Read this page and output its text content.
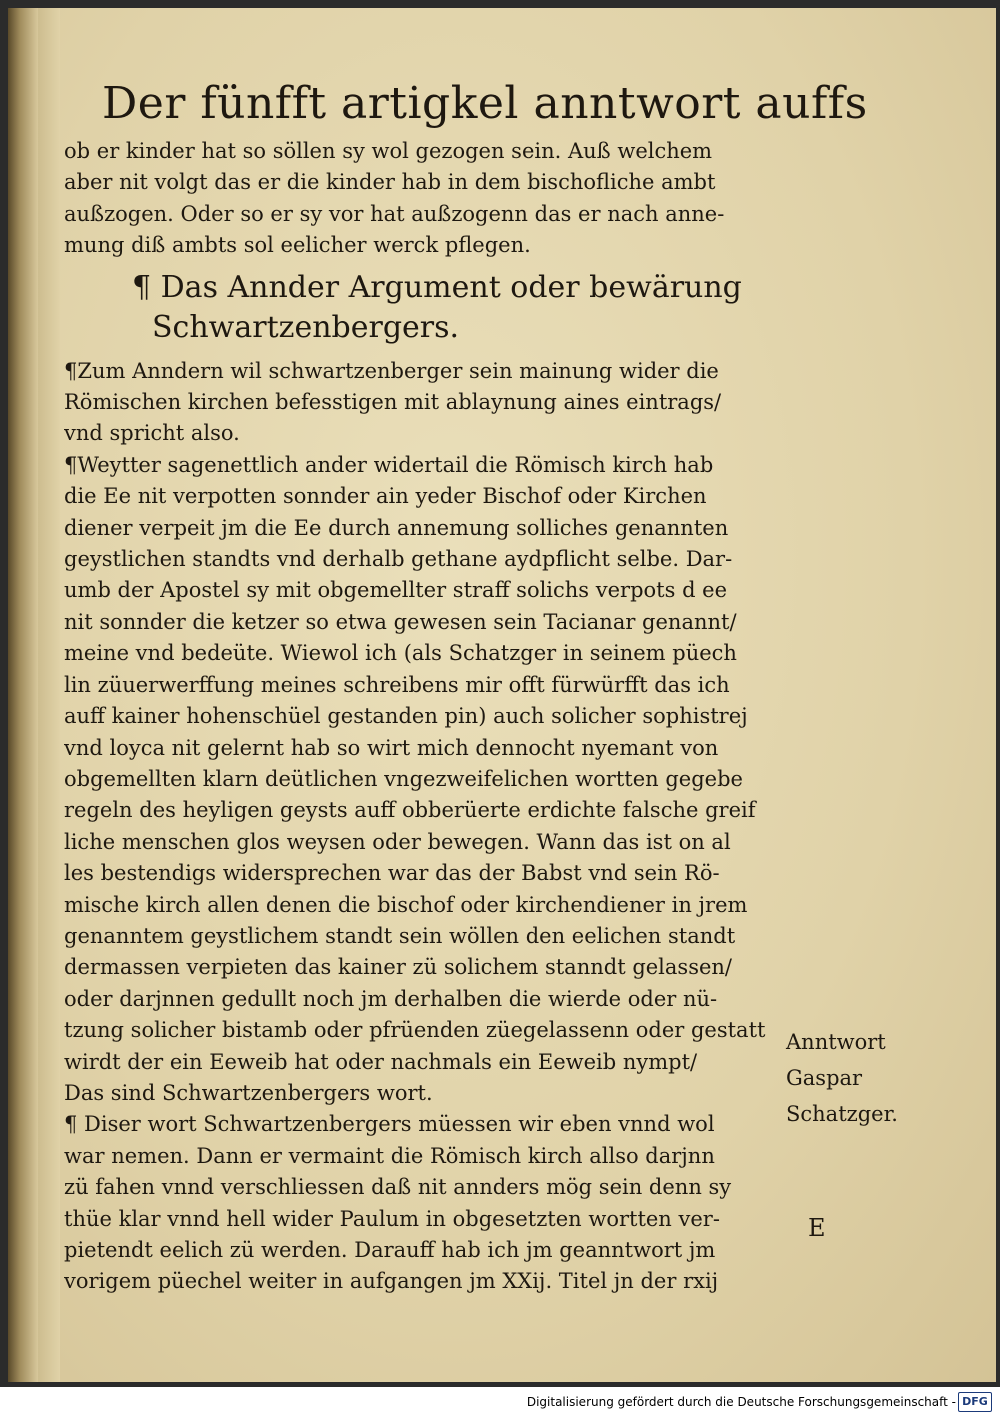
Der fünfft artigkel anntwort auffs
ob er kinder hat so söllen sy wol gezogen sein. Auß welchem
aber nit volgt das er die kinder hab in dem bischofliche ambt
außzogen. Oder so er sy vor hat außzogenn das er nach anne-
mung diß ambts sol eelicher werck pflegen.
¶ Das Annder Argument oder bewärung
Schwartzenbergers.
¶Zum Anndern wil schwartzenberger sein mainung wider die
Römischen kirchen befesstigen mit ablaynung aines eintrags/
vnd spricht also.
¶Weytter sagenettlich ander widertail die Römisch kirch hab
die Ee nit verpotten sonnder ain yeder Bischof oder Kirchen
diener verpeit jm die Ee durch annemung solliches genannten
geystlichen standts vnd derhalb gethane aydpflicht selbe. Dar-
umb der Apostel sy mit obgemellter straff solichs verpots d ee
nit sonnder die ketzer so etwa gewesen sein Tacianar genannt/
meine vnd bedeüte. Wiewol ich (als Schatzger in seinem püech
lin züuerwerffung meines schreibens mir offt fürwürfft das ich
auff kainer hohenschüel gestanden pin) auch solicher sophistrej
vnd loyca nit gelernt hab so wirt mich dennocht nyemant von
obgemellten klarn deütlichen vngezweifelichen wortten gegebe
regeln des heyligen geysts auff obberüerte erdichte falsche greif
liche menschen glos weysen oder bewegen. Wann das ist on al
les bestendigs widersprechen war das der Babst vnd sein Rö-
mische kirch allen denen die bischof oder kirchendiener in jrem
genanntem geystlichem standt sein wöllen den eelichen standt
dermassen verpieten das kainer zü solichem stanndt gelassen/
oder darjnnen gedullt noch jm derhalben die wierde oder nü-
tzung solicher bistamb oder pfrüenden züegelassenn oder gestatt
wirdt der ein Eeweib hat oder nachmals ein Eeweib nympt/
Das sind Schwartzenbergers wort.
¶ Diser wort Schwartzenbergers müessen wir eben vnnd wol
war nemen. Dann er vermaint die Römisch kirch allso darjnn
zü fahen vnnd verschliessen daß nit annders mög sein denn sy
thüe klar vnnd hell wider Paulum in obgesetzten wortten ver-
pietendt eelich zü werden. Darauff hab ich jm geanntwort jm
vorigem püechel weiter in aufgangen jm XXij. Titel jn der rxij
Anntwort
Gaspar
Schatzger.
E
Digitalisierung gefördert durch die Deutsche Forschungsgemeinschaft - DFG
